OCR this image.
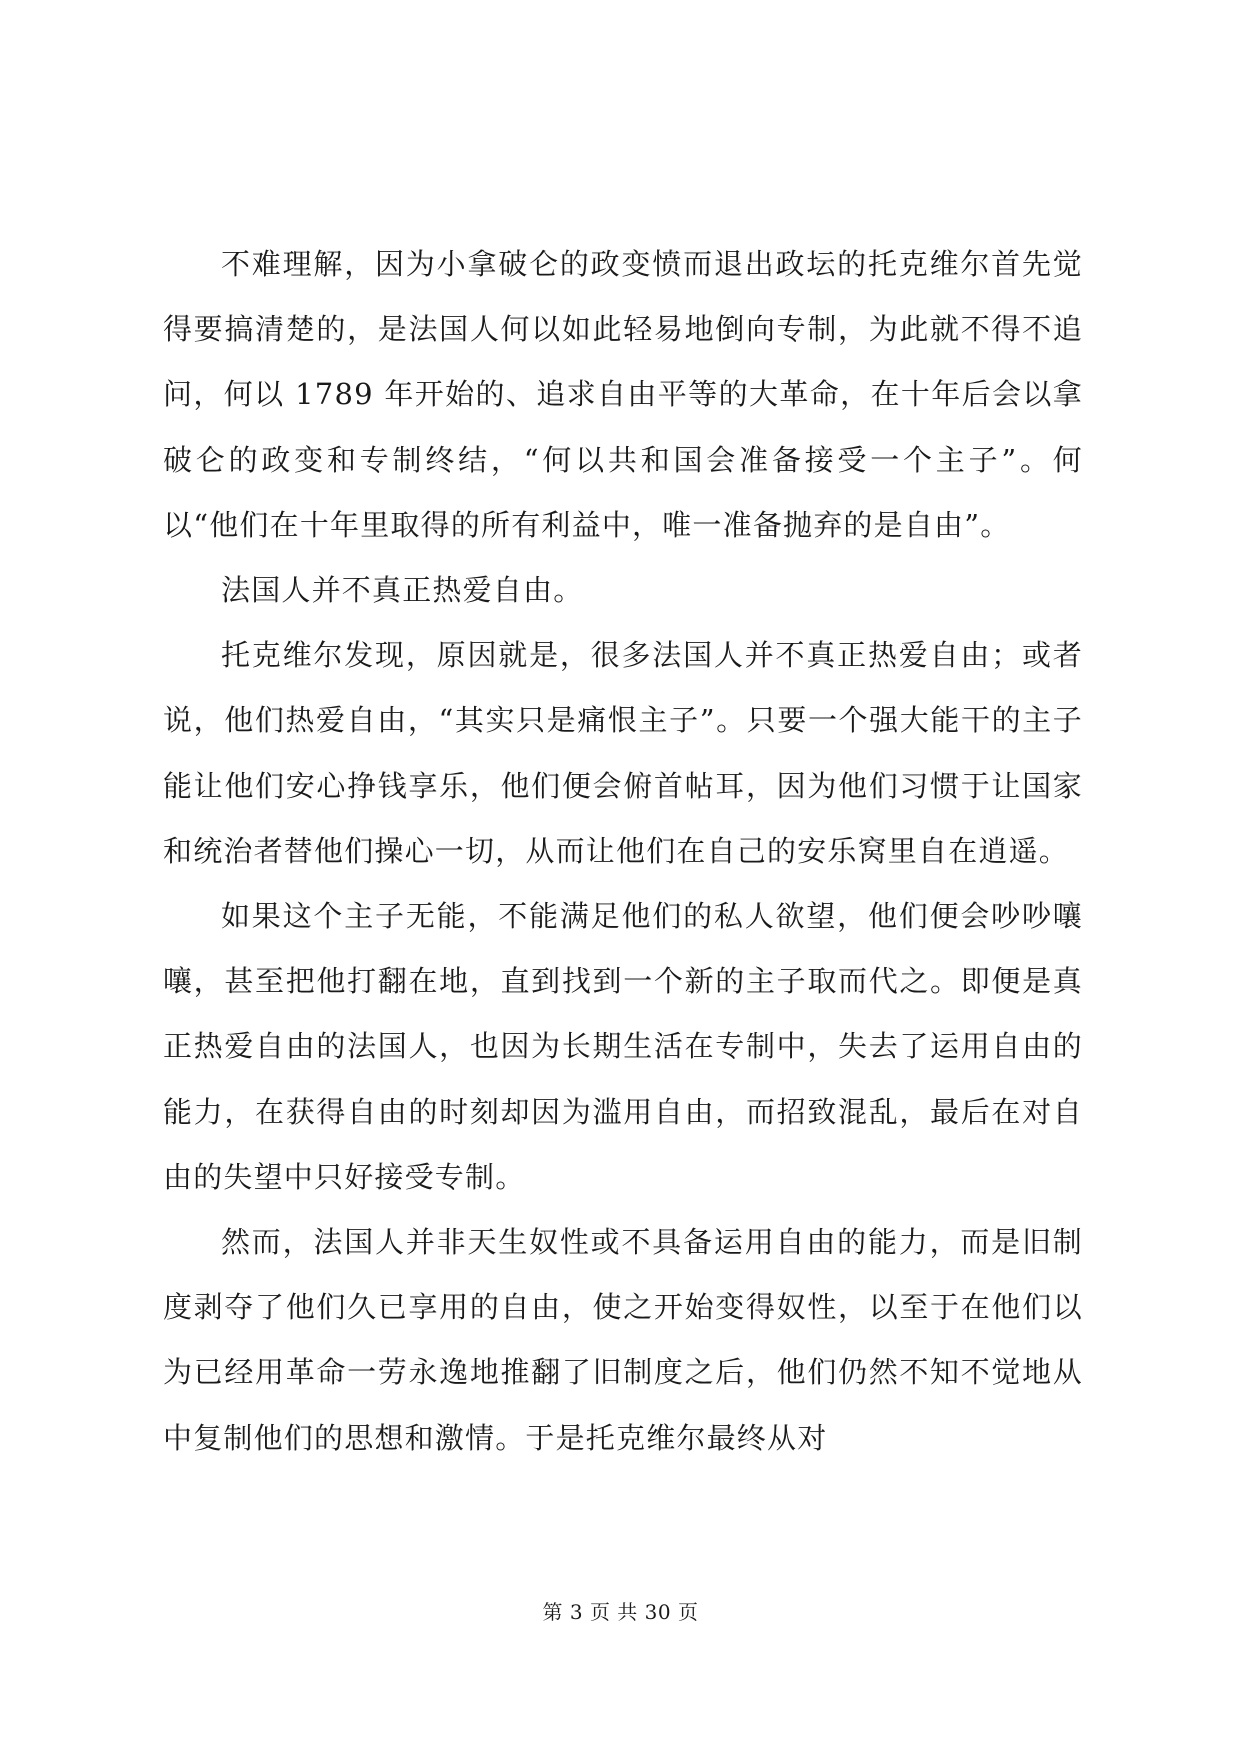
不难理解，因为小拿破仑的政变愤而退出政坛的托克维尔首先觉得要搞清楚的，是法国人何以如此轻易地倒向专制，为此就不得不追问，何以 1789 年开始的、追求自由平等的大革命，在十年后会以拿破仑的政变和专制终结，“何以共和国会准备接受一个主子”。何以“他们在十年里取得的所有利益中，唯一准备抛弃的是自由”。

法国人并不真正热爱自由。

托克维尔发现，原因就是，很多法国人并不真正热爱自由；或者说，他们热爱自由，“其实只是痛恨主子”。只要一个强大能干的主子能让他们安心挣钱享乐，他们便会俯首帖耳，因为他们习惯于让国家和统治者替他们操心一切，从而让他们在自己的安乐窝里自在逍遥。

如果这个主子无能，不能满足他们的私人欲望，他们便会吵吵嚷嚷，甚至把他打翻在地，直到找到一个新的主子取而代之。即便是真正热爱自由的法国人，也因为长期生活在专制中，失去了运用自由的能力，在获得自由的时刻却因为滥用自由，而招致混乱，最后在对自由的失望中只好接受专制。

然而，法国人并非天生奴性或不具备运用自由的能力，而是旧制度剥夺了他们久已享用的自由，使之开始变得奴性，以至于在他们以为已经用革命一劳永逸地推翻了旧制度之后，他们仍然不知不觉地从中复制他们的思想和激情。于是托克维尔最终从对

第 3 页 共 30 页
